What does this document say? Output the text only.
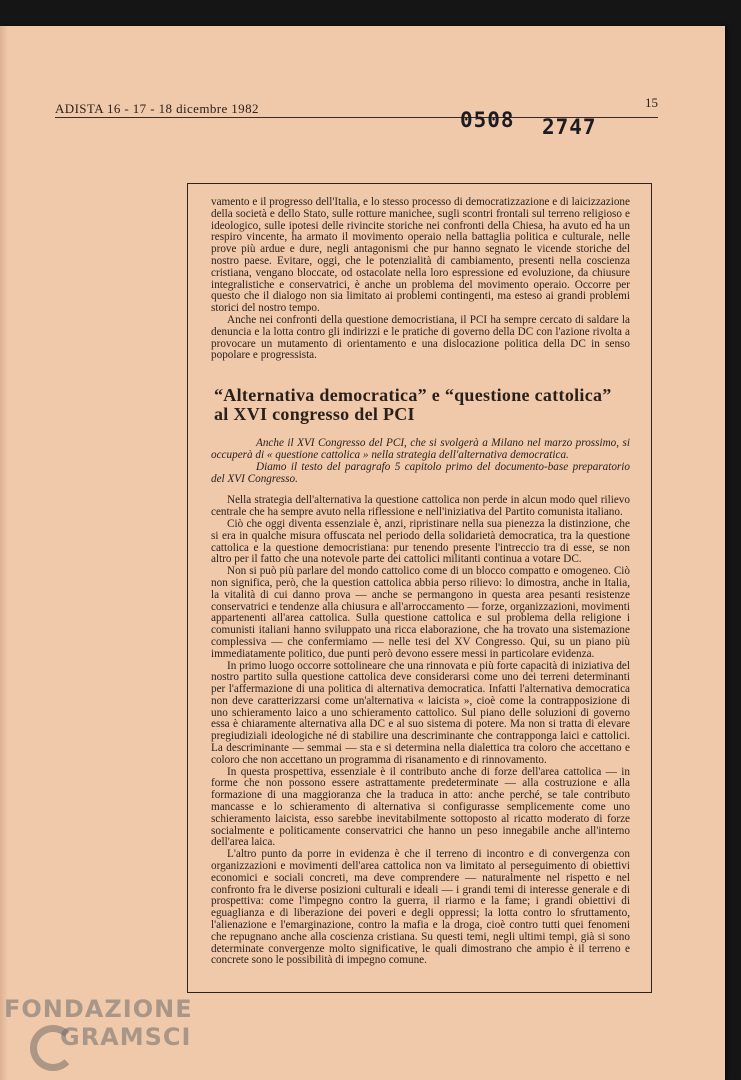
ADISTA 16 - 17 - 18 dicembre 1982	15
0508 2747

vamento e il progresso dell'Italia, e lo stesso processo di democratizzazione e di laicizzazione della società e dello Stato, sulle rotture manichee, sugli scontri frontali sul terreno religioso e ideologico, sulle ipotesi delle rivincite storiche nei confronti della Chiesa, ha avuto ed ha un respiro vincente, ha armato il movimento operaio nella battaglia politica e culturale, nelle prove più ardue e dure, negli antagonismi che pur hanno segnato le vicende storiche del nostro paese. Evitare, oggi, che le potenzialità di cambiamento, presenti nella coscienza cristiana, vengano bloccate, od ostacolate nella loro espressione ed evoluzione, da chiusure integralistiche e conservatrici, è anche un problema del movimento operaio. Occorre per questo che il dialogo non sia limitato ai problemi contingenti, ma esteso ai grandi problemi storici del nostro tempo.

Anche nei confronti della questione democristiana, il PCI ha sempre cercato di saldare la denuncia e la lotta contro gli indirizzi e le pratiche di governo della DC con l'azione rivolta a provocare un mutamento di orientamento e una dislocazione politica della DC in senso popolare e progressista.

“Alternativa democratica” e “questione cattolica”
al XVI congresso del PCI

Anche il XVI Congresso del PCI, che si svolgerà a Milano nel marzo prossimo, si occuperà di « questione cattolica » nella strategia dell'alternativa democratica.

Diamo il testo del paragrafo 5 capitolo primo del documento-base preparatorio del XVI Congresso.

Nella strategia dell'alternativa la questione cattolica non perde in alcun modo quel rilievo centrale che ha sempre avuto nella riflessione e nell'iniziativa del Partito comunista italiano.

Ciò che oggi diventa essenziale è, anzi, ripristinare nella sua pienezza la distinzione, che si era in qualche misura offuscata nel periodo della solidarietà democratica, tra la questione cattolica e la questione democristiana: pur tenendo presente l'intreccio tra di esse, se non altro per il fatto che una notevole parte dei cattolici militanti continua a votare DC.

Non si può più parlare del mondo cattolico come di un blocco compatto e omogeneo. Ciò non significa, però, che la question cattolica abbia perso rilievo: lo dimostra, anche in Italia, la vitalità di cui danno prova — anche se permangono in questa area pesanti resistenze conservatrici e tendenze alla chiusura e all'arroccamento — forze, organizzazioni, movimenti appartenenti all'area cattolica. Sulla questione cattolica e sul problema della religione i comunisti italiani hanno sviluppato una ricca elaborazione, che ha trovato una sistemazione complessiva — che confermiamo — nelle tesi del XV Congresso. Qui, su un piano più immediatamente politico, due punti però devono essere messi in particolare evidenza.

In primo luogo occorre sottolineare che una rinnovata e più forte capacità di iniziativa del nostro partito sulla questione cattolica deve considerarsi come uno dei terreni determinanti per l'affermazione di una politica di alternativa democratica. Infatti l'alternativa democratica non deve caratterizzarsi come un'alternativa « laicista », cioè come la contrapposizione di uno schieramento laico a uno schieramento cattolico. Sul piano delle soluzioni di governo essa è chiaramente alternativa alla DC e al suo sistema di potere. Ma non si tratta di elevare pregiudiziali ideologiche né di stabilire una descriminante che contrapponga laici e cattolici. La descriminante — semmai — sta e si determina nella dialettica tra coloro che accettano e coloro che non accettano un programma di risanamento e di rinnovamento.

In questa prospettiva, essenziale è il contributo anche di forze dell'area cattolica — in forme che non possono essere astrattamente predeterminate — alla costruzione e alla formazione di una maggioranza che la traduca in atto: anche perché, se tale contributo mancasse e lo schieramento di alternativa si configurasse semplicemente come uno schieramento laicista, esso sarebbe inevitabilmente sottoposto al ricatto moderato di forze socialmente e politicamente conservatrici che hanno un peso innegabile anche all'interno dell'area laica.

L'altro punto da porre in evidenza è che il terreno di incontro e di convergenza con organizzazioni e movimenti dell'area cattolica non va limitato al perseguimento di obiettivi economici e sociali concreti, ma deve comprendere — naturalmente nel rispetto e nel confronto fra le diverse posizioni culturali e ideali — i grandi temi di interesse generale e di prospettiva: come l'impegno contro la guerra, il riarmo e la fame; i grandi obiettivi di eguaglianza e di liberazione dei poveri e degli oppressi; la lotta contro lo sfruttamento, l'alienazione e l'emarginazione, contro la mafia e la droga, cioè contro tutti quei fenomeni che repugnano anche alla coscienza cristiana. Su questi temi, negli ultimi tempi, già si sono determinate convergenze molto significative, le quali dimostrano che ampio è il terreno e concrete sono le possibilità di impegno comune.

FONDAZIONE
GRAMSCI
